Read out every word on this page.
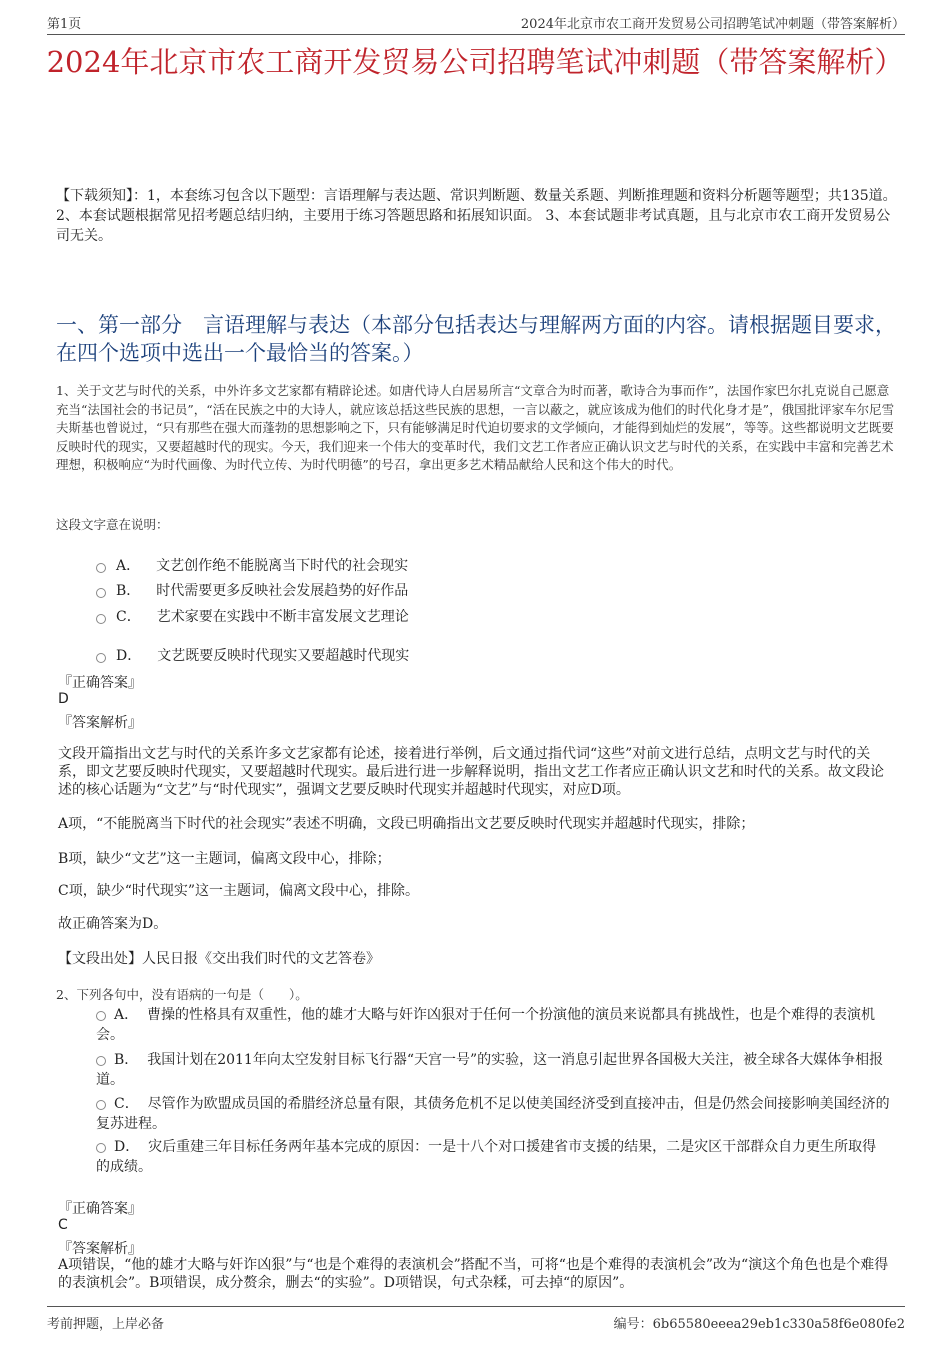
第1页	2024年北京市农工商开发贸易公司招聘笔试冲刺题（带答案解析）
2024年北京市农工商开发贸易公司招聘笔试冲刺题（带答案解析）
【下载须知】：1，本套练习包含以下题型：言语理解与表达题、常识判断题、数量关系题、判断推理题和资料分析题等题型；共135道。 2、本套试题根据常见招考题总结归纳，主要用于练习答题思路和拓展知识面。 3、本套试题非考试真题，且与北京市农工商开发贸易公司无关。
一、第一部分　言语理解与表达（本部分包括表达与理解两方面的内容。请根据题目要求，在四个选项中选出一个最恰当的答案。）
1、关于文艺与时代的关系，中外许多文艺家都有精辟论述。如唐代诗人白居易所言“文章合为时而著，歌诗合为事而作”，法国作家巴尔扎克说自己愿意充当“法国社会的书记员”，“活在民族之中的大诗人，就应该总括这些民族的思想，一言以蔽之，就应该成为他们的时代化身才是”，俄国批评家车尔尼雪夫斯基也曾说过，“只有那些在强大而蓬勃的思想影响之下，只有能够满足时代迫切要求的文学倾向，才能得到灿烂的发展”，等等。这些都说明文艺既要反映时代的现实，又要超越时代的现实。今天，我们迎来一个伟大的变革时代，我们文艺工作者应正确认识文艺与时代的关系，在实践中丰富和完善艺术理想，积极响应“为时代画像、为时代立传、为时代明德”的号召，拿出更多艺术精品献给人民和这个伟大的时代。
这段文字意在说明：
A． 文艺创作绝不能脱离当下时代的社会现实
B． 时代需要更多反映社会发展趋势的好作品
C． 艺术家要在实践中不断丰富发展文艺理论
D． 文艺既要反映时代现实又要超越时代现实
『正确答案』
D
『答案解析』
文段开篇指出文艺与时代的关系许多文艺家都有论述，接着进行举例，后文通过指代词“这些”对前文进行总结，点明文艺与时代的关系，即文艺要反映时代现实，又要超越时代现实。最后进行进一步解释说明，指出文艺工作者应正确认识文艺和时代的关系。故文段论述的核心话题为“文艺”与“时代现实”，强调文艺要反映时代现实并超越时代现实，对应D项。
A项，“不能脱离当下时代的社会现实”表述不明确，文段已明确指出文艺要反映时代现实并超越时代现实，排除；
B项，缺少“文艺”这一主题词，偏离文段中心，排除；
C项，缺少“时代现实”这一主题词，偏离文段中心，排除。
故正确答案为D。
【文段出处】人民日报《交出我们时代的文艺答卷》
2、下列各句中，没有语病的一句是（　　）。
A． 曹操的性格具有双重性，他的雄才大略与奸诈凶狠对于任何一个扮演他的演员来说都具有挑战性，也是个难得的表演机会。
B． 我国计划在2011年向太空发射目标飞行器“天宫一号”的实验，这一消息引起世界各国极大关注，被全球各大媒体争相报道。
C． 尽管作为欧盟成员国的希腊经济总量有限，其债务危机不足以使美国经济受到直接冲击，但是仍然会间接影响美国经济的复苏进程。
D． 灾后重建三年目标任务两年基本完成的原因：一是十八个对口援建省市支援的结果，二是灾区干部群众自力更生所取得的成绩。
『正确答案』
C
『答案解析』
A项错误，“他的雄才大略与奸诈凶狠”与“也是个难得的表演机会”搭配不当，可将“也是个难得的表演机会”改为“演这个角色也是个难得的表演机会”。B项错误，成分赘余，删去“的实验”。D项错误，句式杂糅，可去掉“的原因”。
考前押题，上岸必备	编号：6b65580eeea29eb1c330a58f6e080fe2
